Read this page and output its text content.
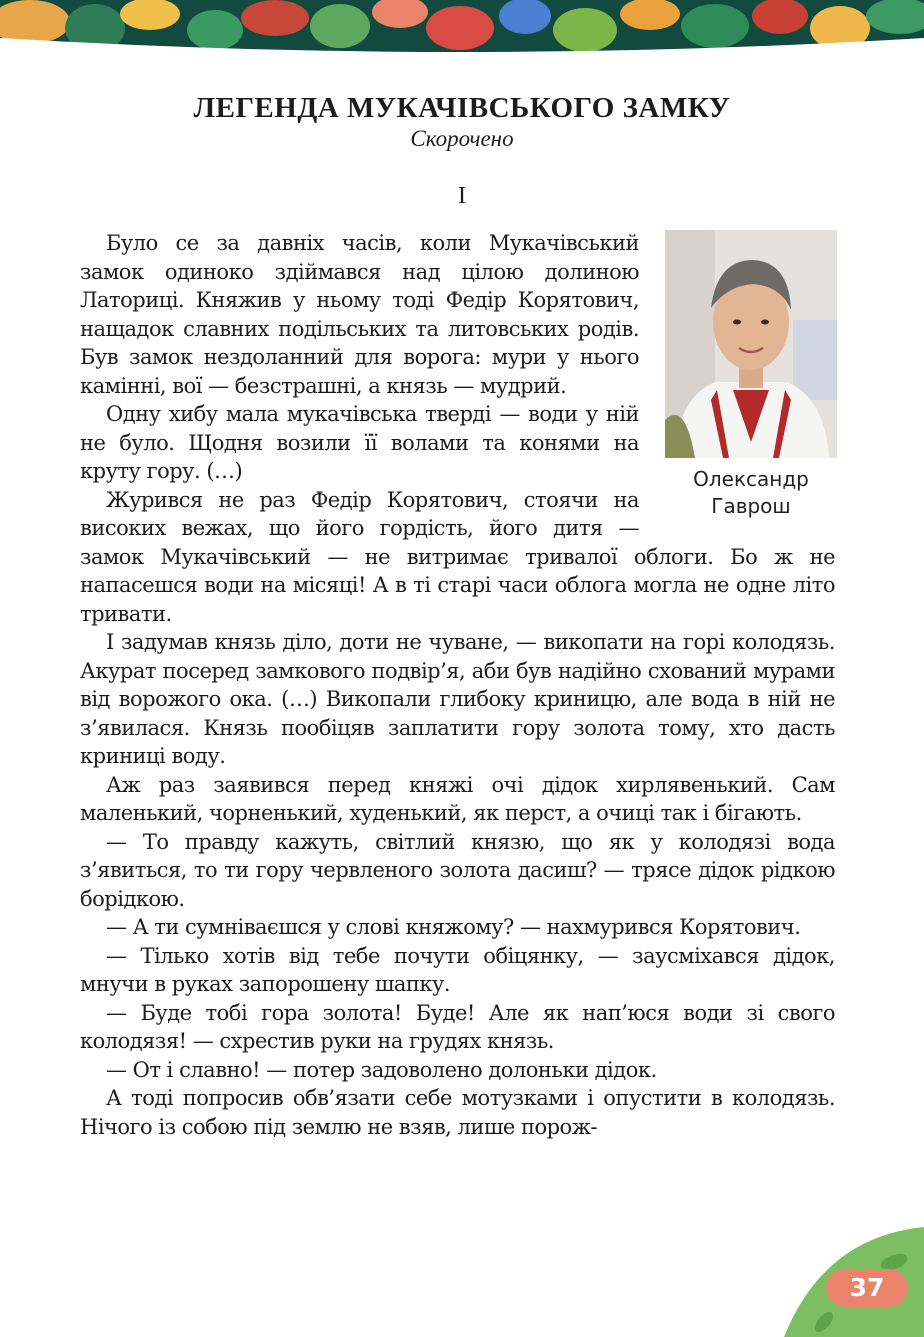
ЛЕГЕНДА МУКАЧІВСЬКОГО ЗАМКУ
Скорочено
І
Олександр
Гаврош

Було се за давніх часів, коли Мукачівський замок одиноко здіймався над цілою долиною Латориці. Княжив у ньому тоді Федір Корятович, нащадок славних подільських та литовських родів. Був замок нездоланний для ворога: мури у нього камінні, вої — безстрашні, а князь — мудрий.

Одну хибу мала мукачівська тверді — води у ній не було. Щодня возили її волами та конями на круту гору. (…)

Журився не раз Федір Корятович, стоячи на високих вежах, що його гордість, його дитя — замок Мукачівський — не витримає тривалої облоги. Бо ж не напасешся води на місяці! А в ті старі часи облога могла не одне літо тривати.

І задумав князь діло, доти не чуване, — викопати на горі колодязь. Акурат посеред замкового подвір’я, аби був надійно схований мурами від ворожого ока. (…) Викопали глибоку криницю, але вода в ній не з’явилася. Князь пообіцяв заплатити гору золота тому, хто дасть криниці воду.

Аж раз заявився перед княжі очі дідок хирлявенький. Сам маленький, чорненький, худенький, як перст, а очиці так і бігають.

— То правду кажуть, світлий князю, що як у колодязі вода з’явиться, то ти гору червленого золота дасиш? — трясе дідок рідкою борідкою.

— А ти сумніваєшся у слові княжому? — нахмурився Корятович.

— Тілько хотів від тебе почути обіцянку, — заусміхався дідок, мнучи в руках запорошену шапку.

— Буде тобі гора золота! Буде! Але як нап’юся води зі свого колодязя! — схрестив руки на грудях князь.

— От і славно! — потер задоволено долоньки дідок.

А тоді попросив обв’язати себе мотузками і опустити в колодязь. Нічого із собою під землю не взяв, лише порож-

37
